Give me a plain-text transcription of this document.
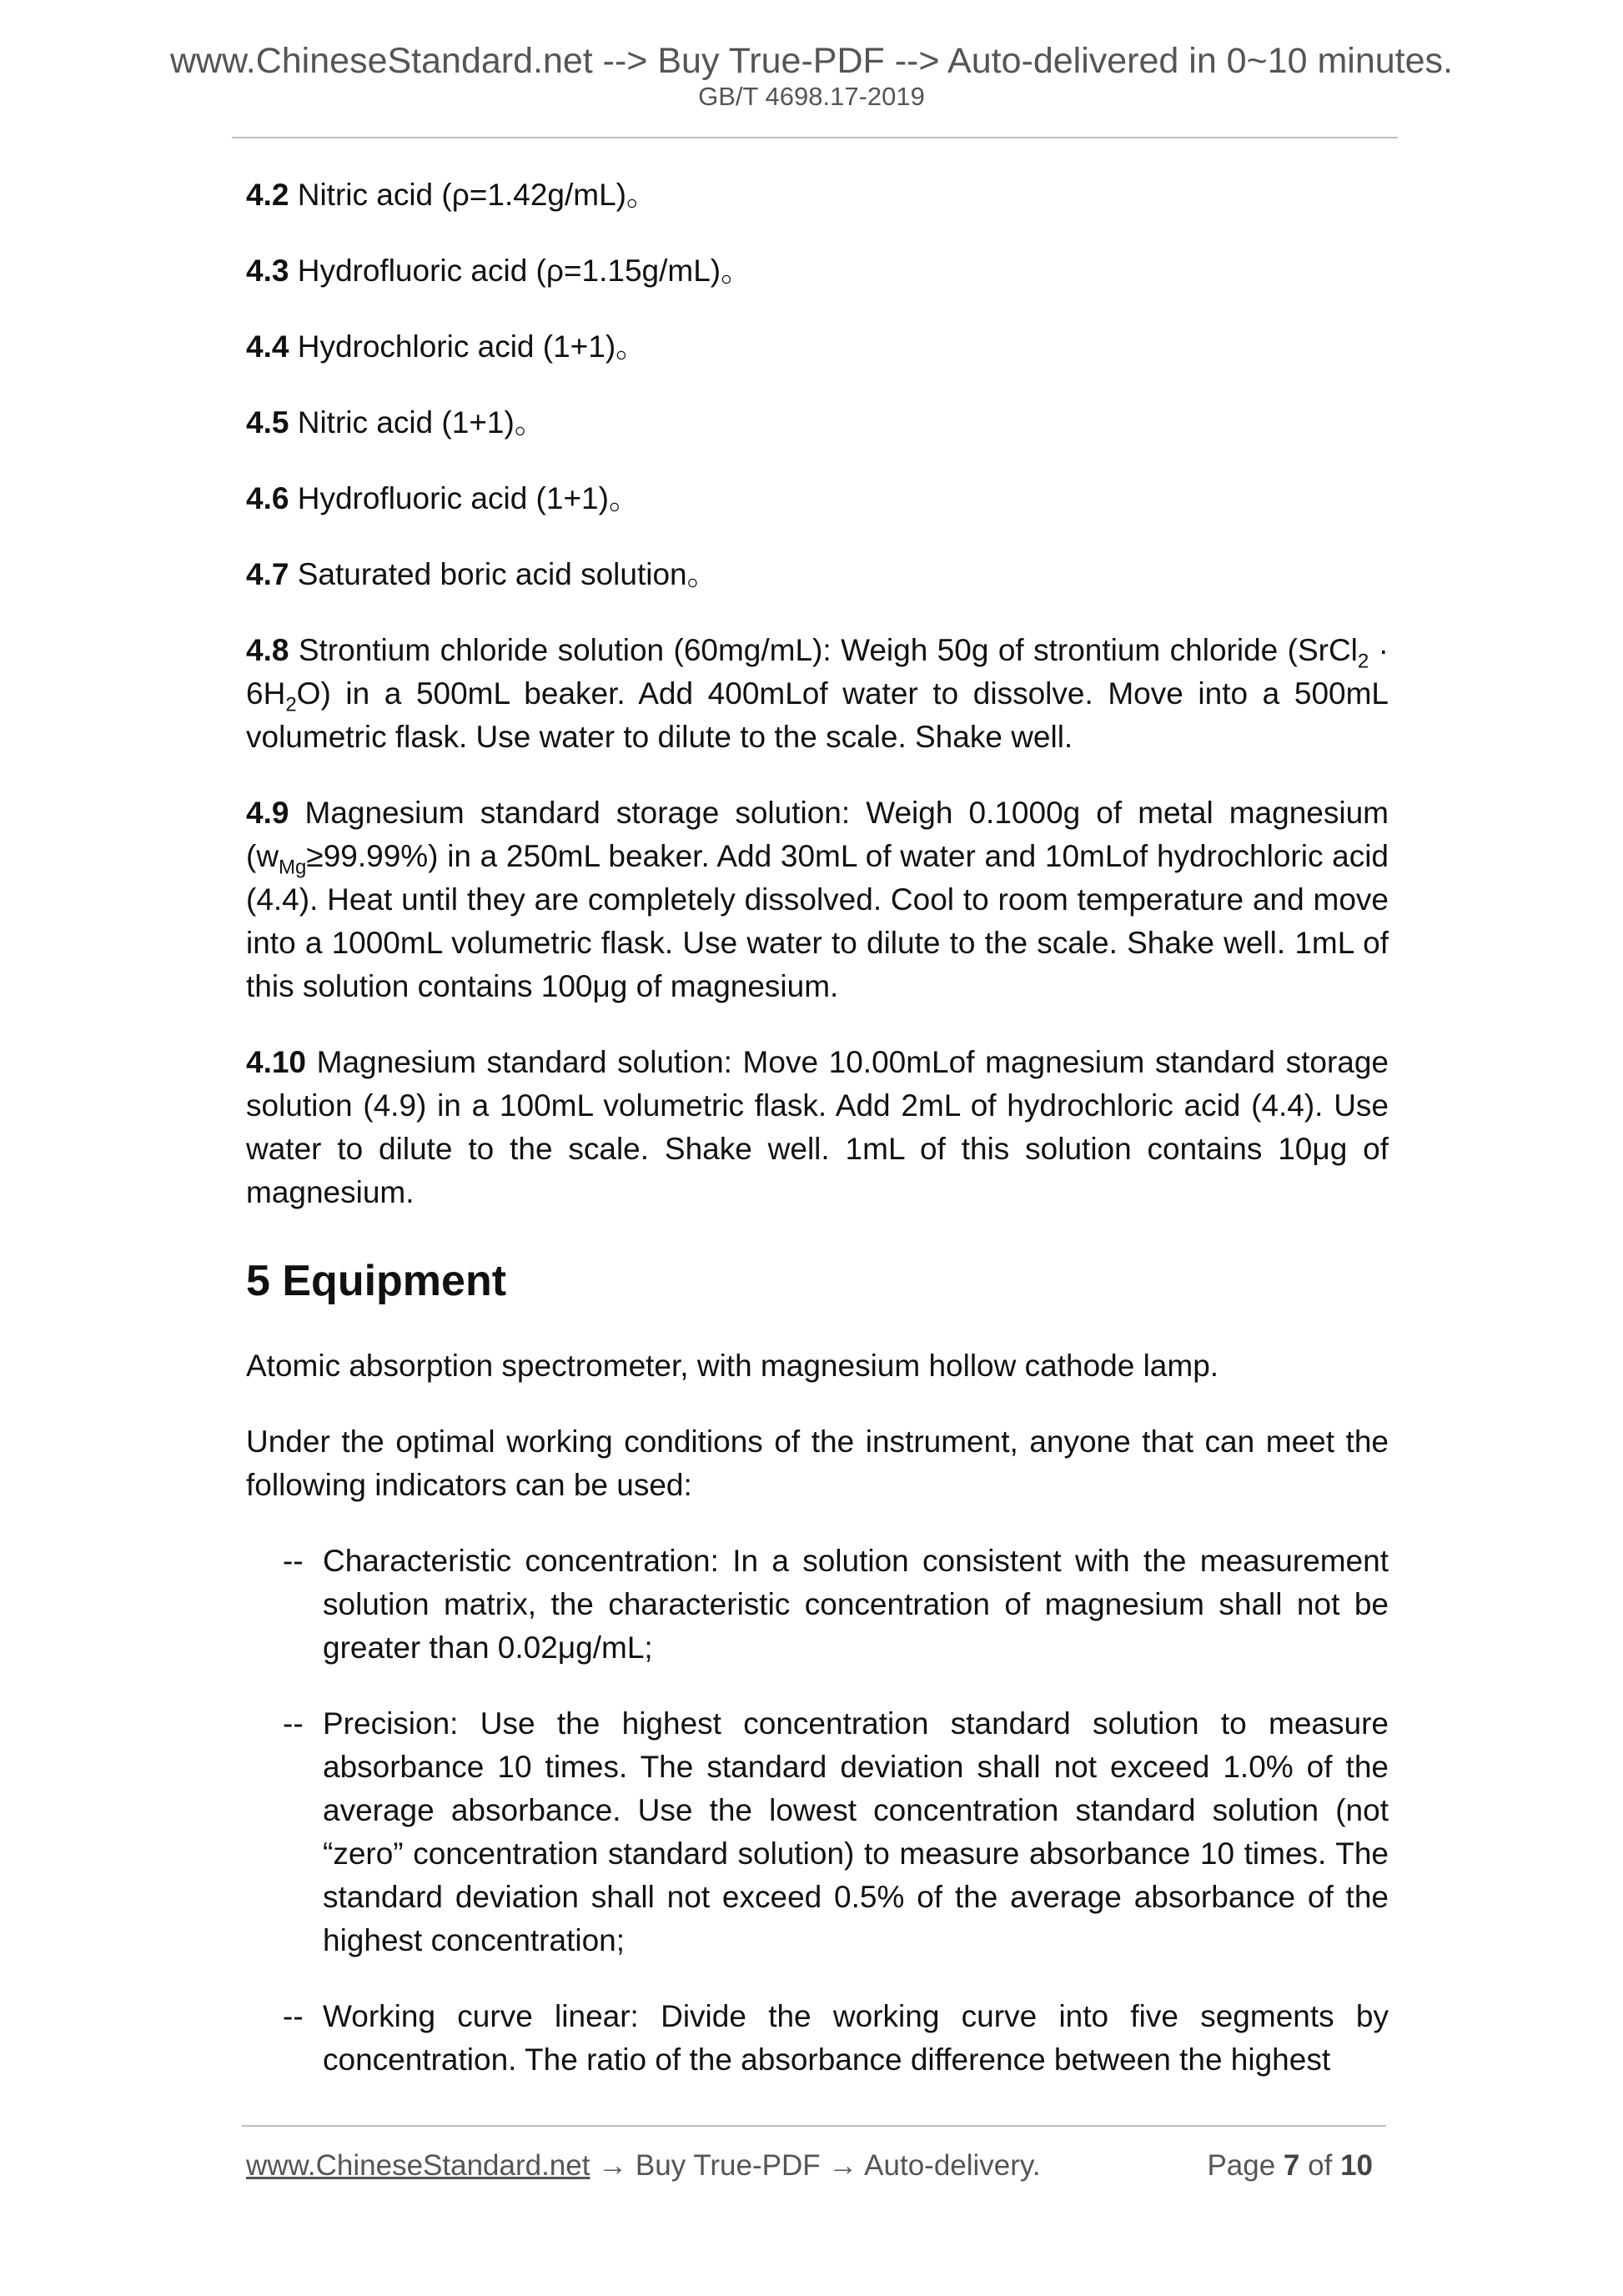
www.ChineseStandard.net --> Buy True-PDF --> Auto-delivered in 0~10 minutes.
GB/T 4698.17-2019

4.2 Nitric acid (ρ=1.42g/mL)。

4.3 Hydrofluoric acid (ρ=1.15g/mL)。

4.4 Hydrochloric acid (1+1)。

4.5 Nitric acid (1+1)。

4.6 Hydrofluoric acid (1+1)。

4.7 Saturated boric acid solution。

4.8 Strontium chloride solution (60mg/mL): Weigh 50g of strontium chloride (SrCl$_2$ · $6H_2O$) in a 500mL beaker. Add 400mLof water to dissolve. Move into a 500mL volumetric flask. Use water to dilute to the scale. Shake well.

4.9 Magnesium standard storage solution: Weigh 0.1000g of metal magnesium $(w_{Mg}\ge 99.99\%)$ in a 250mL beaker. Add 30mL of water and 10mLof hydrochloric acid (4.4). Heat until they are completely dissolved. Cool to room temperature and move into a 1000mL volumetric flask. Use water to dilute to the scale. Shake well. 1mL of this solution contains 100μg of magnesium.

4.10 Magnesium standard solution: Move 10.00mLof magnesium standard storage solution (4.9) in a 100mL volumetric flask. Add 2mL of hydrochloric acid (4.4). Use water to dilute to the scale. Shake well. 1mL of this solution contains 10μg of magnesium.

5 Equipment

Atomic absorption spectrometer, with magnesium hollow cathode lamp.

Under the optimal working conditions of the instrument, anyone that can meet the following indicators can be used:

-- Characteristic concentration: In a solution consistent with the measurement solution matrix, the characteristic concentration of magnesium shall not be greater than 0.02μg/mL;
-- Precision: Use the highest concentration standard solution to measure absorbance 10 times. The standard deviation shall not exceed 1.0% of the average absorbance. Use the lowest concentration standard solution (not “zero” concentration standard solution) to measure absorbance 10 times. The standard deviation shall not exceed 0.5% of the average absorbance of the highest concentration;
-- Working curve linear: Divide the working curve into five segments by concentration. The ratio of the absorbance difference between the highest
www.ChineseStandard.net → Buy True-PDF → Auto-delivery.	Page 7 of 10
